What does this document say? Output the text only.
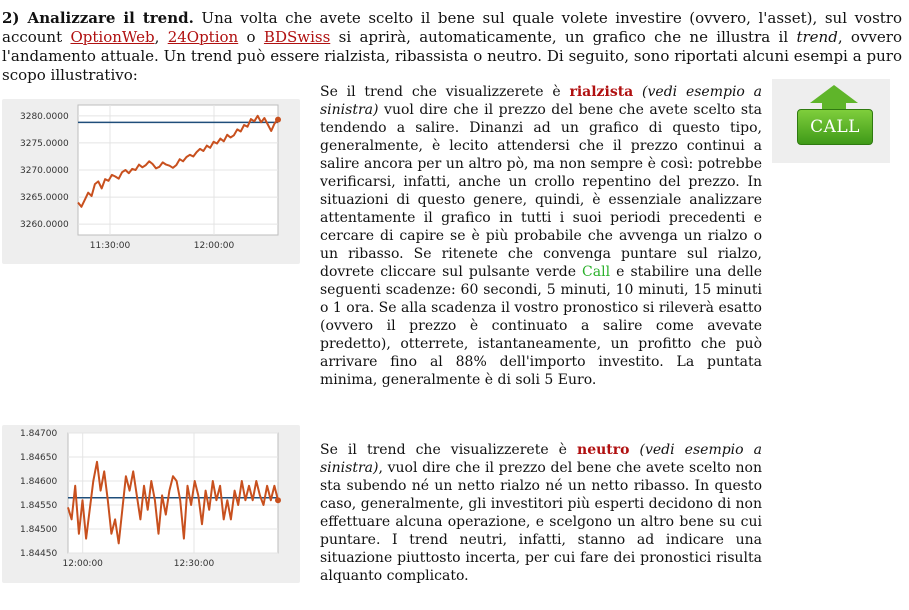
2) Analizzare il trend. Una volta che avete scelto il bene sul quale volete investire (ovvero, l'asset), sul vostro account OptionWeb, 24Option o BDSwiss si aprirà, automaticamente, un grafico che ne illustra il trend, ovvero l'andamento attuale. Un trend può essere rialzista, ribassista o neutro. Di seguito, sono riportati alcuni esempi a puro scopo illustrativo:

3280.0000
3275.0000
3270.0000
3265.0000
3260.0000
11:30:00	12:00:00

Se il trend che visualizzerete è rialzista (vedi esempio a sinistra) vuol dire che il prezzo del bene che avete scelto sta tendendo a salire. Dinanzi ad un grafico di questo tipo, generalmente, è lecito attendersi che il prezzo continui a salire ancora per un altro pò, ma non sempre è così: potrebbe verificarsi, infatti, anche un crollo repentino del prezzo. In situazioni di questo genere, quindi, è essenziale analizzare attentamente il grafico in tutti i suoi periodi precedenti e cercare di capire se è più probabile che avvenga un rialzo o un ribasso. Se ritenete che convenga puntare sul rialzo, dovrete cliccare sul pulsante verde Call e stabilire una delle seguenti scadenze: 60 secondi, 5 minuti, 10 minuti, 15 minuti o 1 ora. Se alla scadenza il vostro pronostico si rileverà esatto (ovvero il prezzo è continuato a salire come avevate predetto), otterrete, istantaneamente, un profitto che può arrivare fino al 88% dell'importo investito. La puntata minima, generalmente è di soli 5 Euro.

CALL
1.84700
1.84650
1.84600
1.84550
1.84500
1.84450
12:00:00	12:30:00

Se il trend che visualizzerete è neutro (vedi esempio a sinistra), vuol dire che il prezzo del bene che avete scelto non sta subendo né un netto rialzo né un netto ribasso. In questo caso, generalmente, gli investitori più esperti decidono di non effettuare alcuna operazione, e scelgono un altro bene su cui puntare. I trend neutri, infatti, stanno ad indicare una situazione piuttosto incerta, per cui fare dei pronostici risulta alquanto complicato.
